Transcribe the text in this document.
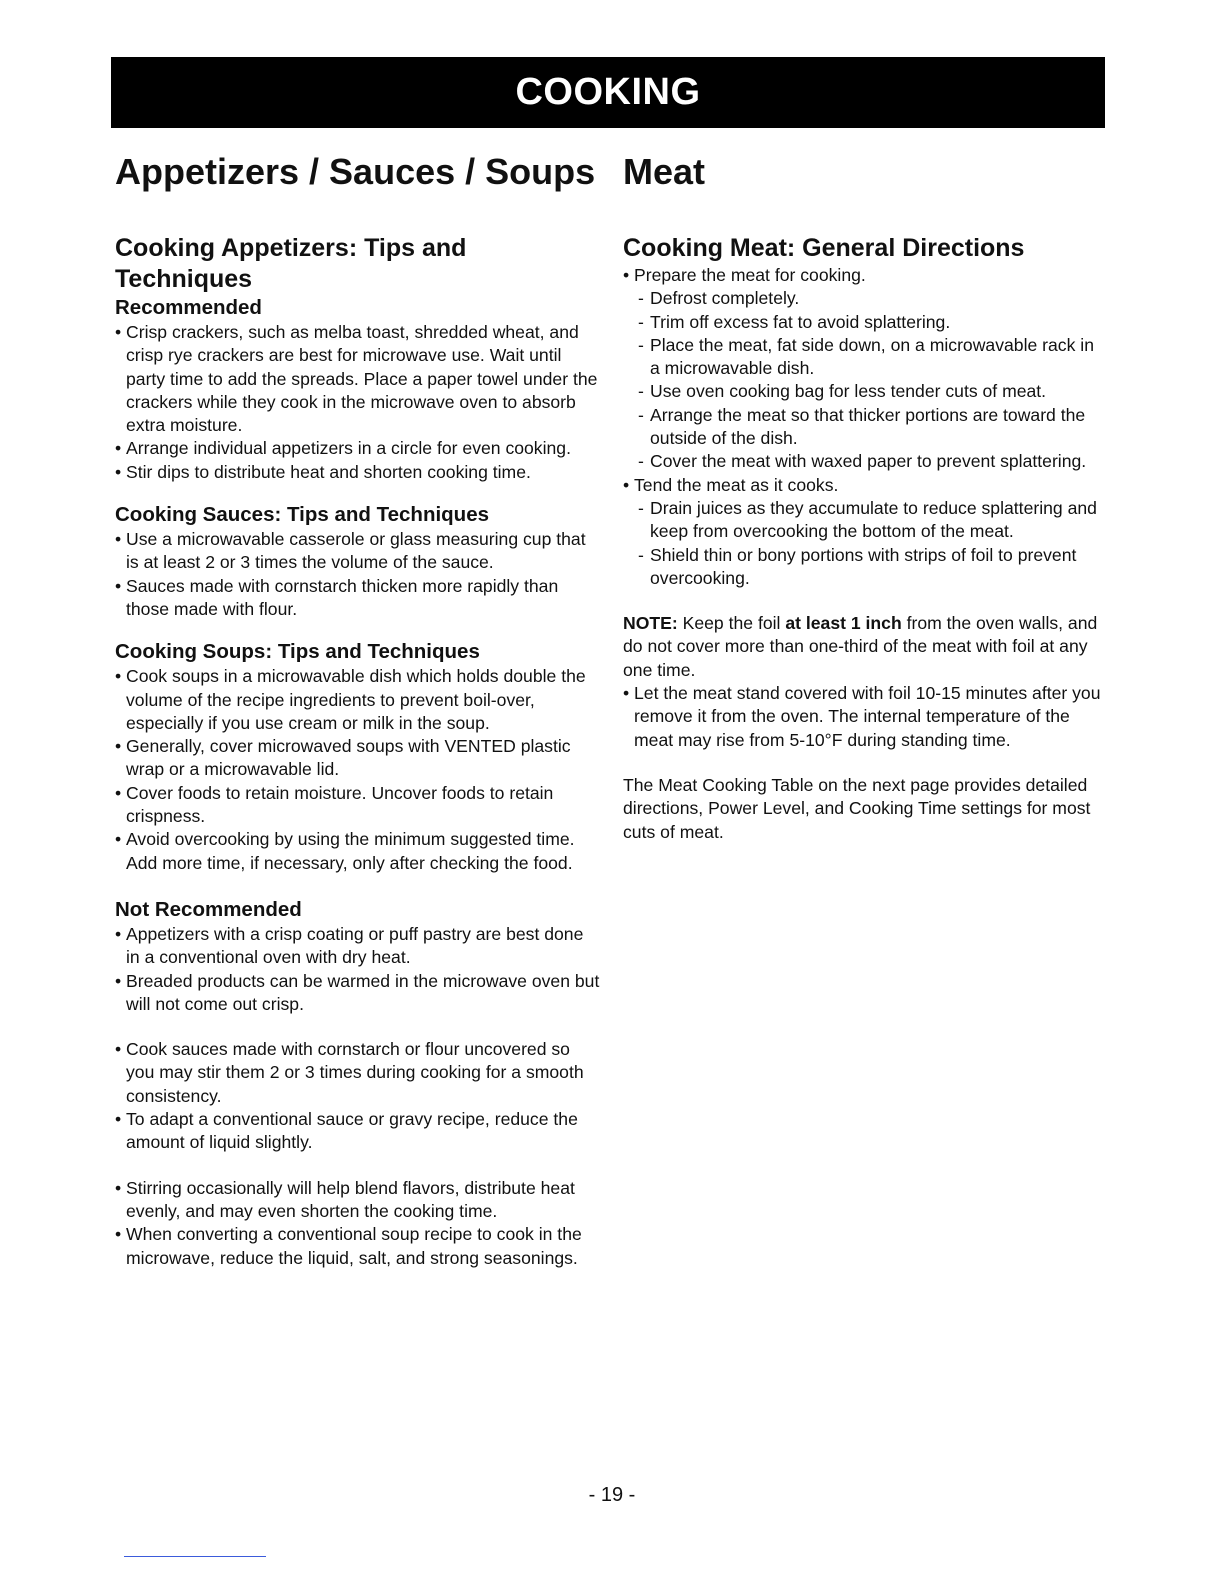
COOKING
Appetizers / Sauces / Soups
Cooking Appetizers: Tips and Techniques
Recommended
• Crisp crackers, such as melba toast, shredded wheat, and crisp rye crackers are best for microwave use. Wait until party time to add the spreads. Place a paper towel under the crackers while they cook in the microwave oven to absorb extra moisture.
• Arrange individual appetizers in a circle for even cooking.
• Stir dips to distribute heat and shorten cooking time.
Cooking Sauces: Tips and Techniques
• Use a microwavable casserole or glass measuring cup that is at least 2 or 3 times the volume of the sauce.
• Sauces made with cornstarch thicken more rapidly than those made with flour.
Cooking Soups: Tips and Techniques
• Cook soups in a microwavable dish which holds double the volume of the recipe ingredients to prevent boil-over, especially if you use cream or milk in the soup.
• Generally, cover microwaved soups with VENTED plastic wrap or a microwavable lid.
• Cover foods to retain moisture. Uncover foods to retain crispness.
• Avoid overcooking by using the minimum suggested time. Add more time, if necessary, only after checking the food.
Not Recommended
• Appetizers with a crisp coating or puff pastry are best done in a conventional oven with dry heat.
• Breaded products can be warmed in the microwave oven but will not come out crisp.
• Cook sauces made with cornstarch or flour uncovered so you may stir them 2 or 3 times during cooking for a smooth consistency.
• To adapt a conventional sauce or gravy recipe, reduce the amount of liquid slightly.
• Stirring occasionally will help blend flavors, distribute heat evenly, and may even shorten the cooking time.
• When converting a conventional soup recipe to cook in the microwave, reduce the liquid, salt, and strong seasonings.
Meat
Cooking Meat: General Directions
• Prepare the meat for cooking.
- Defrost completely.
- Trim off excess fat to avoid splattering.
- Place the meat, fat side down, on a microwavable rack in a microwavable dish.
- Use oven cooking bag for less tender cuts of meat.
- Arrange the meat so that thicker portions are toward the outside of the dish.
- Cover the meat with waxed paper to prevent splattering.
• Tend the meat as it cooks.
- Drain juices as they accumulate to reduce splattering and keep from overcooking the bottom of the meat.
- Shield thin or bony portions with strips of foil to prevent overcooking.

NOTE: Keep the foil at least 1 inch from the oven walls, and do not cover more than one-third of the meat with foil at any one time.

• Let the meat stand covered with foil 10-15 minutes after you remove it from the oven. The internal temperature of the meat may rise from 5-10°F during standing time.

The Meat Cooking Table on the next page provides detailed directions, Power Level, and Cooking Time settings for most cuts of meat.

- 19 -
